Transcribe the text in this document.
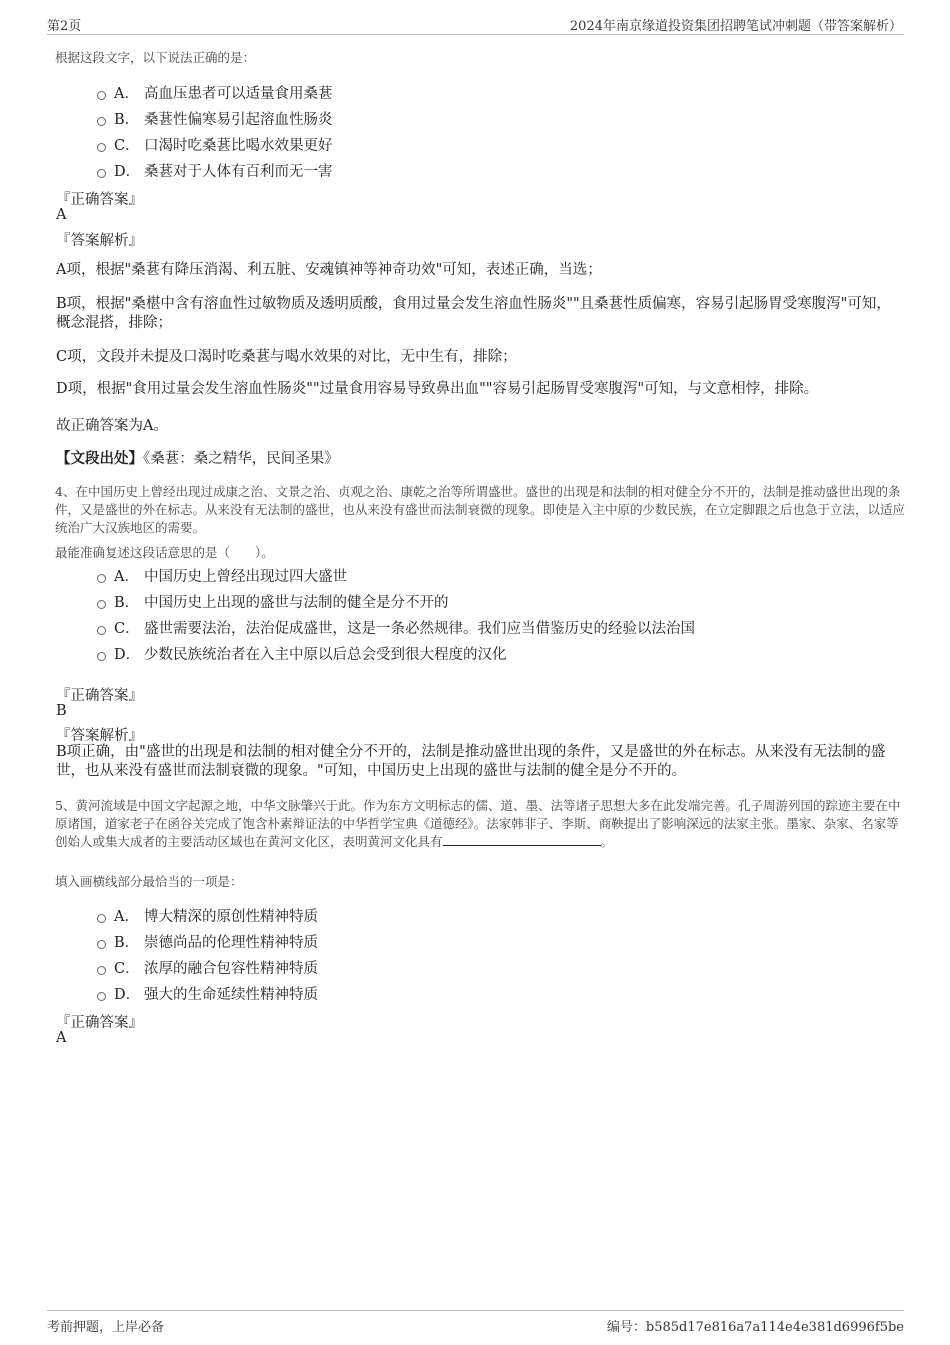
第2页	2024年南京缘道投资集团招聘笔试冲刺题（带答案解析）
根据这段文字，以下说法正确的是：
A． 高血压患者可以适量食用桑葚
B． 桑葚性偏寒易引起溶血性肠炎
C． 口渴时吃桑葚比喝水效果更好
D． 桑葚对于人体有百利而无一害
『正确答案』
A
『答案解析』
A项，根据"桑葚有降压消渴、利五脏、安魂镇神等神奇功效"可知，表述正确，当选；
B项，根据"桑椹中含有溶血性过敏物质及透明质酸，食用过量会发生溶血性肠炎""且桑葚性质偏寒，容易引起肠胃受寒腹泻"可知，概念混搭，排除；
C项，文段并未提及口渴时吃桑葚与喝水效果的对比，无中生有，排除；
D项，根据"食用过量会发生溶血性肠炎""过量食用容易导致鼻出血""容易引起肠胃受寒腹泻"可知，与文意相悖，排除。
故正确答案为A。
【文段出处】《桑葚：桑之精华，民间圣果》
4、在中国历史上曾经出现过成康之治、文景之治、贞观之治、康乾之治等所谓盛世。盛世的出现是和法制的相对健全分不开的，法制是推动盛世出现的条件，又是盛世的外在标志。从来没有无法制的盛世，也从来没有盛世而法制衰微的现象。即使是入主中原的少数民族，在立定脚跟之后也急于立法，以适应统治广大汉族地区的需要。
最能准确复述这段话意思的是（　　）。
A． 中国历史上曾经出现过四大盛世
B． 中国历史上出现的盛世与法制的健全是分不开的
C． 盛世需要法治，法治促成盛世，这是一条必然规律。我们应当借鉴历史的经验以法治国
D． 少数民族统治者在入主中原以后总会受到很大程度的汉化
『正确答案』
B
『答案解析』
B项正确，由"盛世的出现是和法制的相对健全分不开的，法制是推动盛世出现的条件，又是盛世的外在标志。从来没有无法制的盛世，也从来没有盛世而法制衰微的现象。"可知，中国历史上出现的盛世与法制的健全是分不开的。
5、黄河流域是中国文字起源之地，中华文脉肇兴于此。作为东方文明标志的儒、道、墨、法等诸子思想大多在此发端完善。孔子周游列国的踪迹主要在中原诸国，道家老子在函谷关完成了饱含朴素辩证法的中华哲学宝典《道德经》。法家韩非子、李斯、商鞅提出了影响深远的法家主张。墨家、杂家、名家等创始人或集大成者的主要活动区域也在黄河文化区，表明黄河文化具有	。
填入画横线部分最恰当的一项是：
A． 博大精深的原创性精神特质
B． 崇德尚品的伦理性精神特质
C． 浓厚的融合包容性精神特质
D． 强大的生命延续性精神特质
『正确答案』
A
考前押题，上岸必备	编号：b585d17e816a7a114e4e381d6996f5be
